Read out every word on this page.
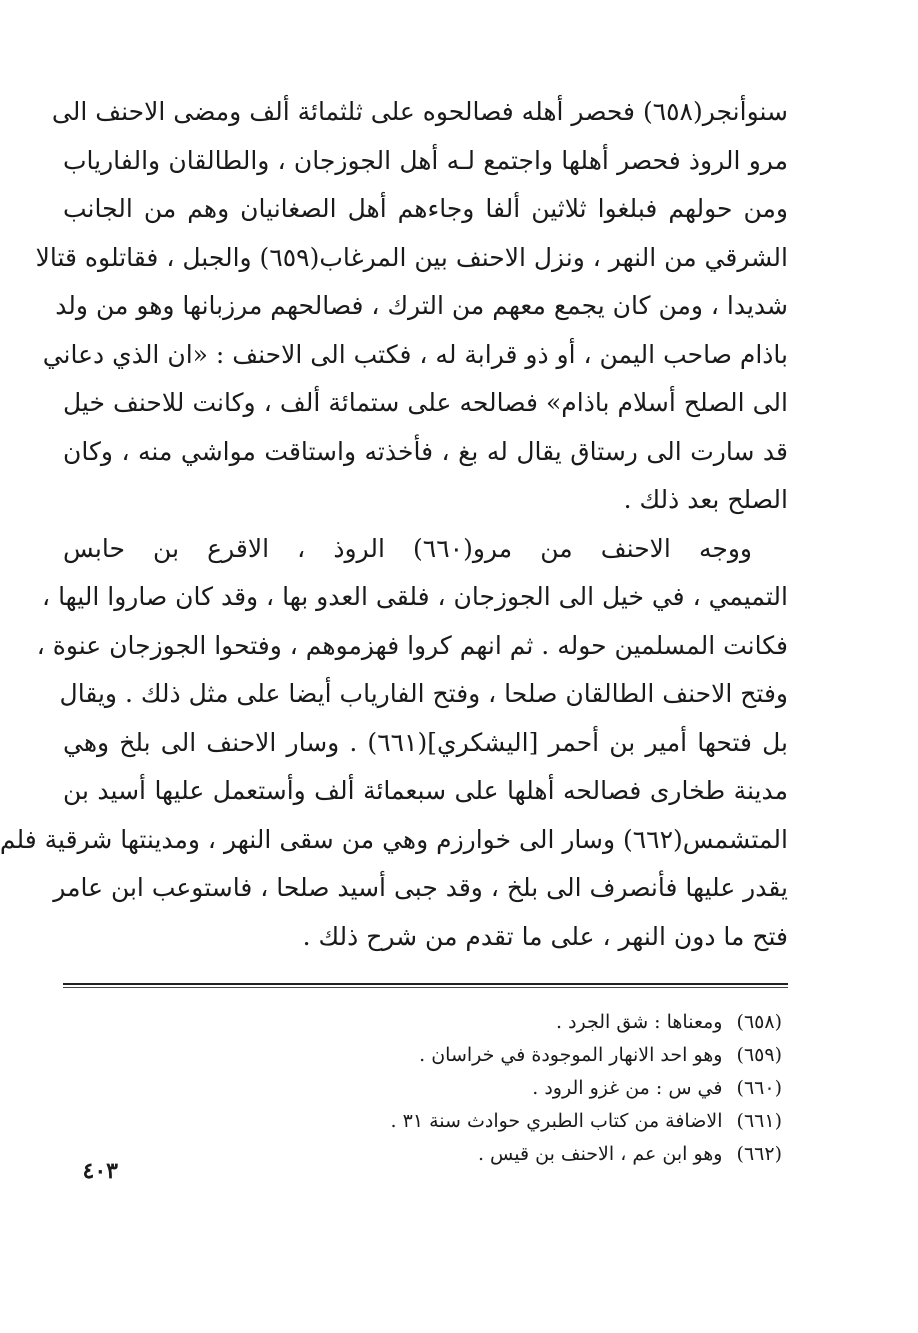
سنوأنجر(٦٥٨) فحصر أهله فصالحوه على ثلثمائة ألف ومضى الاحنف الى
مرو الروذ فحصر أهلها واجتمع لـه أهل الجوزجان ، والطالقان والفارياب
ومن حولهم فبلغوا ثلاثين ألفا وجاءهم أهل الصغانيان وهم من الجانب
الشرقي من النهر ، ونزل الاحنف بين المرغاب(٦٥٩) والجبل ، فقاتلوه قتالا
شديدا ، ومن كان يجمع معهم من الترك ، فصالحهم مرزبانها وهو من ولد
باذام صاحب اليمن ، أو ذو قرابة له ، فكتب الى الاحنف : «ان الذي دعاني
الى الصلح أسلام باذام» فصالحه على ستمائة ألف ، وكانت للاحنف خيل
قد سارت الى رستاق يقال له بغ ، فأخذته واستاقت مواشي منه ، وكان
الصلح بعد ذلك .
ووجه الاحنف من مرو(٦٦٠) الروذ ، الاقرع بن حابس
التميمي ، في خيل الى الجوزجان ، فلقى العدو بها ، وقد كان صاروا اليها ،
فكانت المسلمين حوله . ثم انهم كروا فهزموهم ، وفتحوا الجوزجان عنوة ،
وفتح الاحنف الطالقان صلحا ، وفتح الفارياب أيضا على مثل ذلك . ويقال
بل فتحها أمير بن أحمر [اليشكري](٦٦١) . وسار الاحنف الى بلخ وهي
مدينة طخارى فصالحه أهلها على سبعمائة ألف وأستعمل عليها أسيد بن
المتشمس(٦٦٢) وسار الى خوارزم وهي من سقى النهر ، ومدينتها شرقية فلم
يقدر عليها فأنصرف الى بلخ ، وقد جبى أسيد صلحا ، فاستوعب ابن عامر
فتح ما دون النهر ، على ما تقدم من شرح ذلك .
(٦٥٨) ومعناها : شق الجرد .
(٦٥٩) وهو احد الانهار الموجودة في خراسان .
(٦٦٠) في س : من غزو الرود .
(٦٦١) الاضافة من كتاب الطبري حوادث سنة ٣١ .
(٦٦٢) وهو ابن عم ، الاحنف بن قيس .
٤٠٣
